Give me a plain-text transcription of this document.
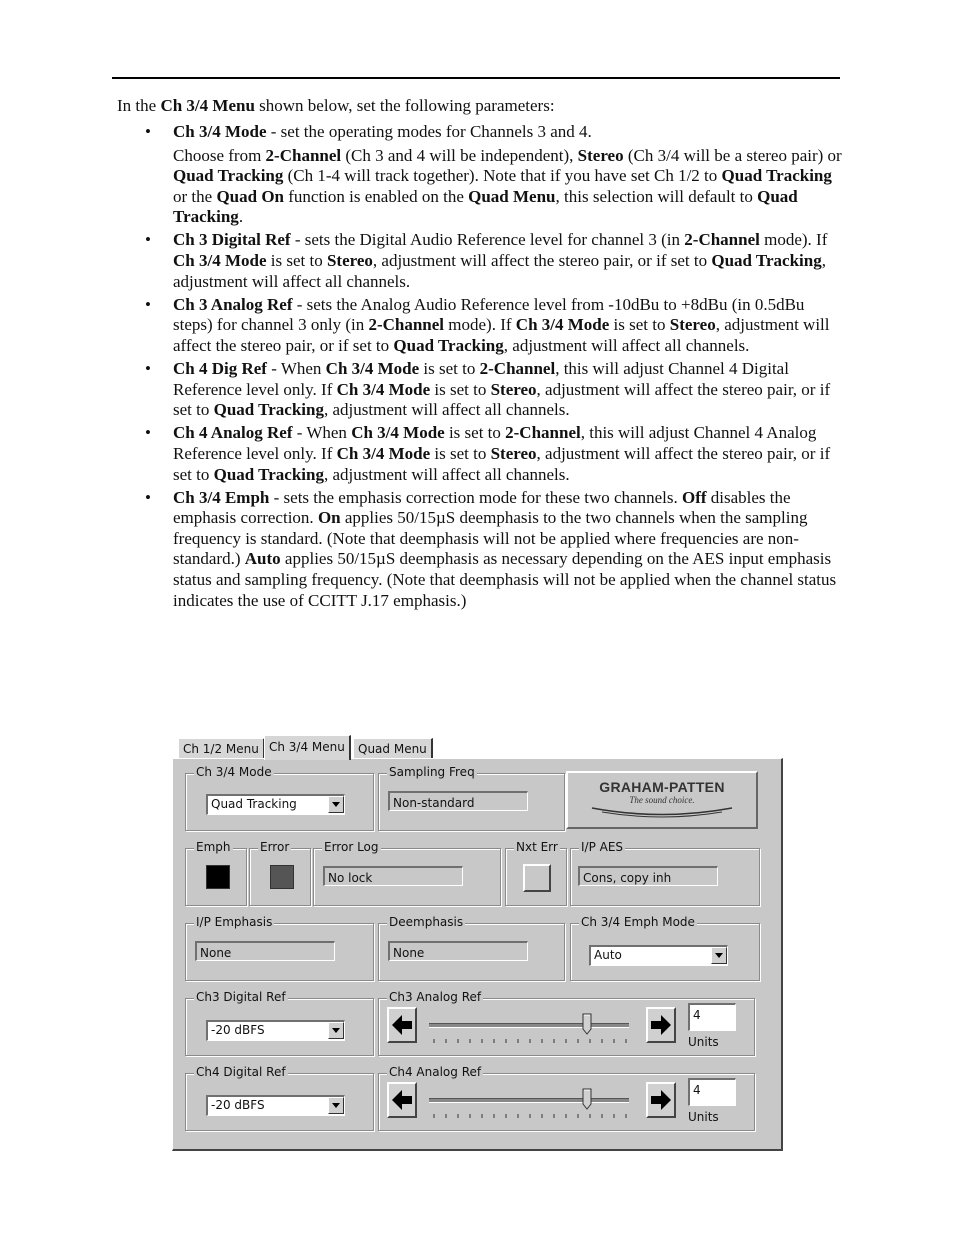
In the Ch 3/4 Menu shown below, set the following parameters:
• Ch 3/4 Mode - set the operating modes for Channels 3 and 4.
Choose from 2-Channel (Ch 3 and 4 will be independent), Stereo (Ch 3/4 will be a stereo pair) or Quad Tracking (Ch 1-4 will track together). Note that if you have set Ch 1/2 to Quad Tracking or the Quad On function is enabled on the Quad Menu, this selection will default to Quad Tracking.
• Ch 3 Digital Ref - sets the Digital Audio Reference level for channel 3 (in 2-Channel mode). If Ch 3/4 Mode is set to Stereo, adjustment will affect the stereo pair, or if set to Quad Tracking, adjustment will affect all channels.
• Ch 3 Analog Ref - sets the Analog Audio Reference level from -10dBu to +8dBu (in 0.5dBu steps) for channel 3 only (in 2-Channel mode). If Ch 3/4 Mode is set to Stereo, adjustment will affect the stereo pair, or if set to Quad Tracking, adjustment will affect all channels.
• Ch 4 Dig Ref - When Ch 3/4 Mode is set to 2-Channel, this will adjust Channel 4 Digital Reference level only. If Ch 3/4 Mode is set to Stereo, adjustment will affect the stereo pair, or if set to Quad Tracking, adjustment will affect all channels.
• Ch 4 Analog Ref - When Ch 3/4 Mode is set to 2-Channel, this will adjust Channel 4 Analog Reference level only. If Ch 3/4 Mode is set to Stereo, adjustment will affect the stereo pair, or if set to Quad Tracking, adjustment will affect all channels.
• Ch 3/4 Emph - sets the emphasis correction mode for these two channels. Off disables the emphasis correction. On applies 50/15µS deemphasis to the two channels when the sampling frequency is standard. (Note that deemphasis will not be applied where frequencies are non-standard.) Auto applies 50/15µS deemphasis as necessary depending on the AES input emphasis status and sampling frequency. (Note that deemphasis will not be applied when the channel status indicates the use of CCITT J.17 emphasis.)
Ch 1/2 Menu Ch 3/4 Menu	Quad Menu
Ch 3/4 Mode
Quad Tracking
Sampling Freq
Non-standard
GRAHAM-PATTEN
The sound choice.
Emph Error	Error Log
No lock
Nxt Err I/P AES
Cons, copy inh
I/P Emphasis
None
Deemphasis
None
Ch 3/4 Emph Mode
Auto
Ch3 Digital Ref
-20 dBFS
Ch3 Analog Ref
4
Units
Ch4 Digital Ref
-20 dBFS
Ch4 Analog Ref
4
Units
